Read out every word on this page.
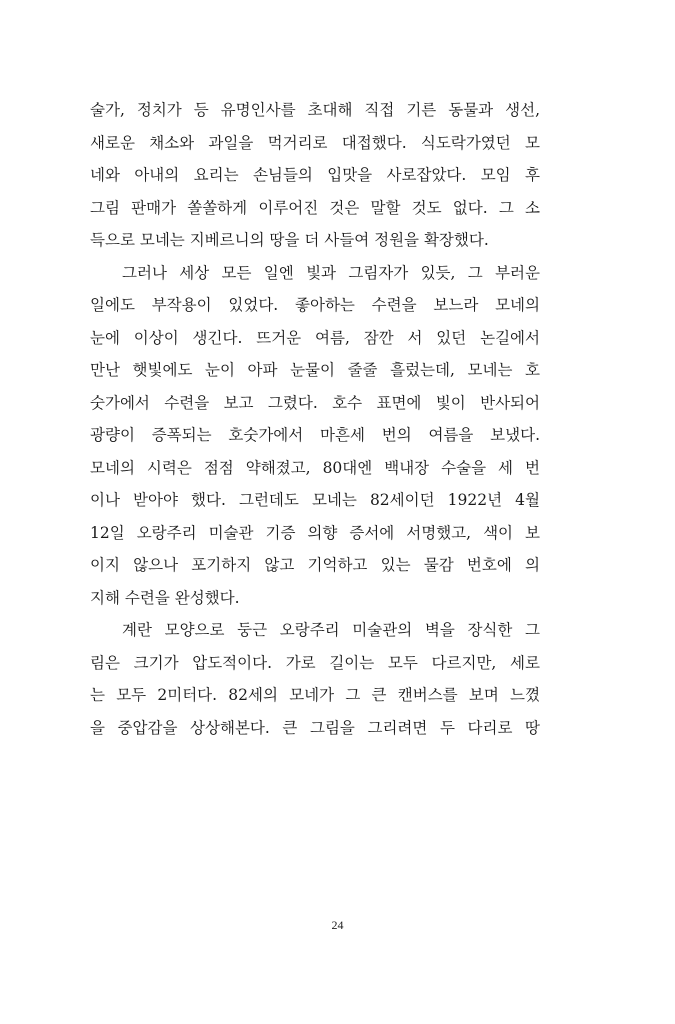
술가, 정치가 등 유명인사를 초대해 직접 기른 동물과 생선,
새로운 채소와 과일을 먹거리로 대접했다. 식도락가였던 모
네와 아내의 요리는 손님들의 입맛을 사로잡았다. 모임 후
그림 판매가 쏠쏠하게 이루어진 것은 말할 것도 없다. 그 소
득으로 모네는 지베르니의 땅을 더 사들여 정원을 확장했다.
그러나 세상 모든 일엔 빛과 그림자가 있듯, 그 부러운
일에도 부작용이 있었다. 좋아하는 수련을 보느라 모네의
눈에 이상이 생긴다. 뜨거운 여름, 잠깐 서 있던 논길에서
만난 햇빛에도 눈이 아파 눈물이 줄줄 흘렀는데, 모네는 호
숫가에서 수련을 보고 그렸다. 호수 표면에 빛이 반사되어
광량이 증폭되는 호숫가에서 마흔세 번의 여름을 보냈다.
모네의 시력은 점점 약해졌고, 80대엔 백내장 수술을 세 번
이나 받아야 했다. 그런데도 모네는 82세이던 1922년 4월
12일 오랑주리 미술관 기증 의향 증서에 서명했고, 색이 보
이지 않으나 포기하지 않고 기억하고 있는 물감 번호에 의
지해 수련을 완성했다.
계란 모양으로 둥근 오랑주리 미술관의 벽을 장식한 그
림은 크기가 압도적이다. 가로 길이는 모두 다르지만, 세로
는 모두 2미터다. 82세의 모네가 그 큰 캔버스를 보며 느꼈
을 중압감을 상상해본다. 큰 그림을 그리려면 두 다리로 땅
24
